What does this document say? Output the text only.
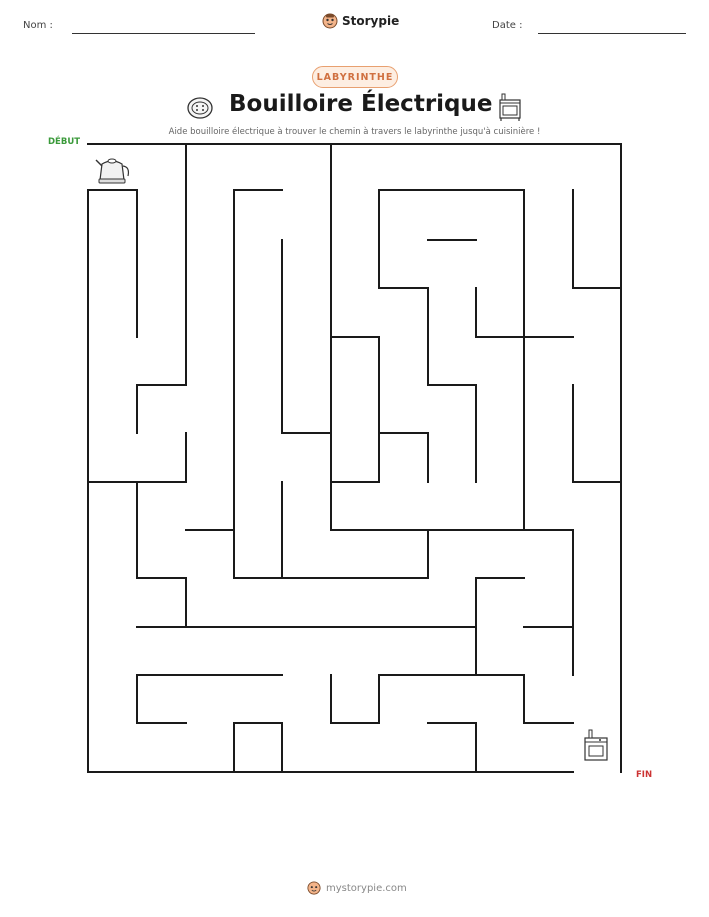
Nom :	Storypie	Date :
LABYRINTHE
Bouilloire Électrique
Aide bouilloire électrique à trouver le chemin à travers le labyrinthe jusqu'à cuisinière !
DÉBUT
FIN
mystorypie.com
